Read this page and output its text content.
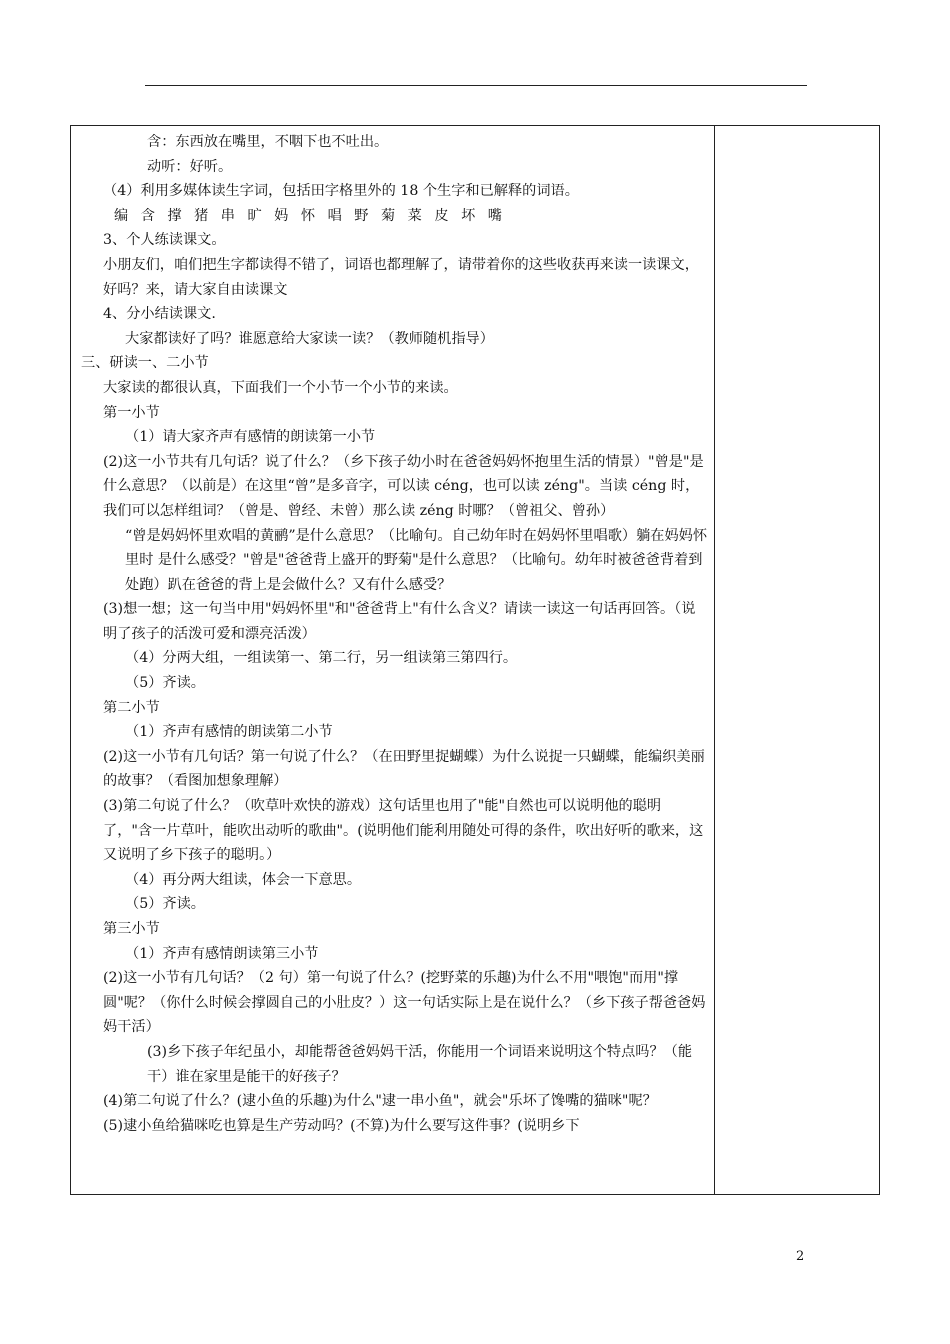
含：东西放在嘴里，不咽下也不吐出。

动听：好听。

（4）利用多媒体读生字词，包括田字格里外的 18 个生字和已解释的词语。

编 含 撑 猪 串 旷 妈 怀 唱 野 菊 菜 皮 坏 嘴

3、个人练读课文。

小朋友们，咱们把生字都读得不错了，词语也都理解了，请带着你的这些收获再来读一读课文，好吗？来，请大家自由读课文

4、分小结读课文.

大家都读好了吗？谁愿意给大家读一读？（教师随机指导）

三、研读一、二小节

大家读的都很认真，下面我们一个小节一个小节的来读。

第一小节

（1）请大家齐声有感情的朗读第一小节

(2)这一小节共有几句话？说了什么？（乡下孩子幼小时在爸爸妈妈怀抱里生活的情景）"曾是"是什么意思？（以前是）在这里“曾”是多音字，可以读 céng，也可以读 zéng"。当读 céng 时，我们可以怎样组词？（曾是、曾经、未曾）那么读 zéng 时哪？（曾祖父、曾孙）

“曾是妈妈怀里欢唱的黄鹂”是什么意思？（比喻句。自己幼年时在妈妈怀里唱歌）躺在妈妈怀里时 是什么感受？"曾是"爸爸背上盛开的野菊"是什么意思？（比喻句。幼年时被爸爸背着到处跑）趴在爸爸的背上是会做什么？又有什么感受？

(3)想一想；这一句当中用"妈妈怀里"和"爸爸背上"有什么含义？请读一读这一句话再回答。（说明了孩子的活泼可爱和漂亮活泼）

（4）分两大组，一组读第一、第二行，另一组读第三第四行。

（5）齐读。

第二小节

（1）齐声有感情的朗读第二小节

(2)这一小节有几句话？第一句说了什么？（在田野里捉蝴蝶）为什么说捉一只蝴蝶，能编织美丽的故事？（看图加想象理解）

(3)第二句说了什么？（吹草叶欢快的游戏）这句话里也用了"能"自然也可以说明他的聪明了，"含一片草叶，能吹出动听的歌曲"。(说明他们能利用随处可得的条件，吹出好听的歌来，这又说明了乡下孩子的聪明。）

（4）再分两大组读，体会一下意思。

（5）齐读。

第三小节

（1）齐声有感情朗读第三小节

(2)这一小节有几句话？（2 句）第一句说了什么？(挖野菜的乐趣)为什么不用"喂饱"而用"撑圆"呢？（你什么时候会撑圆自己的小肚皮？）这一句话实际上是在说什么？（乡下孩子帮爸爸妈妈干活）

(3)乡下孩子年纪虽小，却能帮爸爸妈妈干活，你能用一个词语来说明这个特点吗？（能干）谁在家里是能干的好孩子？

(4)第二句说了什么？(逮小鱼的乐趣)为什么"逮一串小鱼"，就会"乐坏了馋嘴的猫咪"呢？

(5)逮小鱼给猫咪吃也算是生产劳动吗？(不算)为什么要写这件事？(说明乡下

2
